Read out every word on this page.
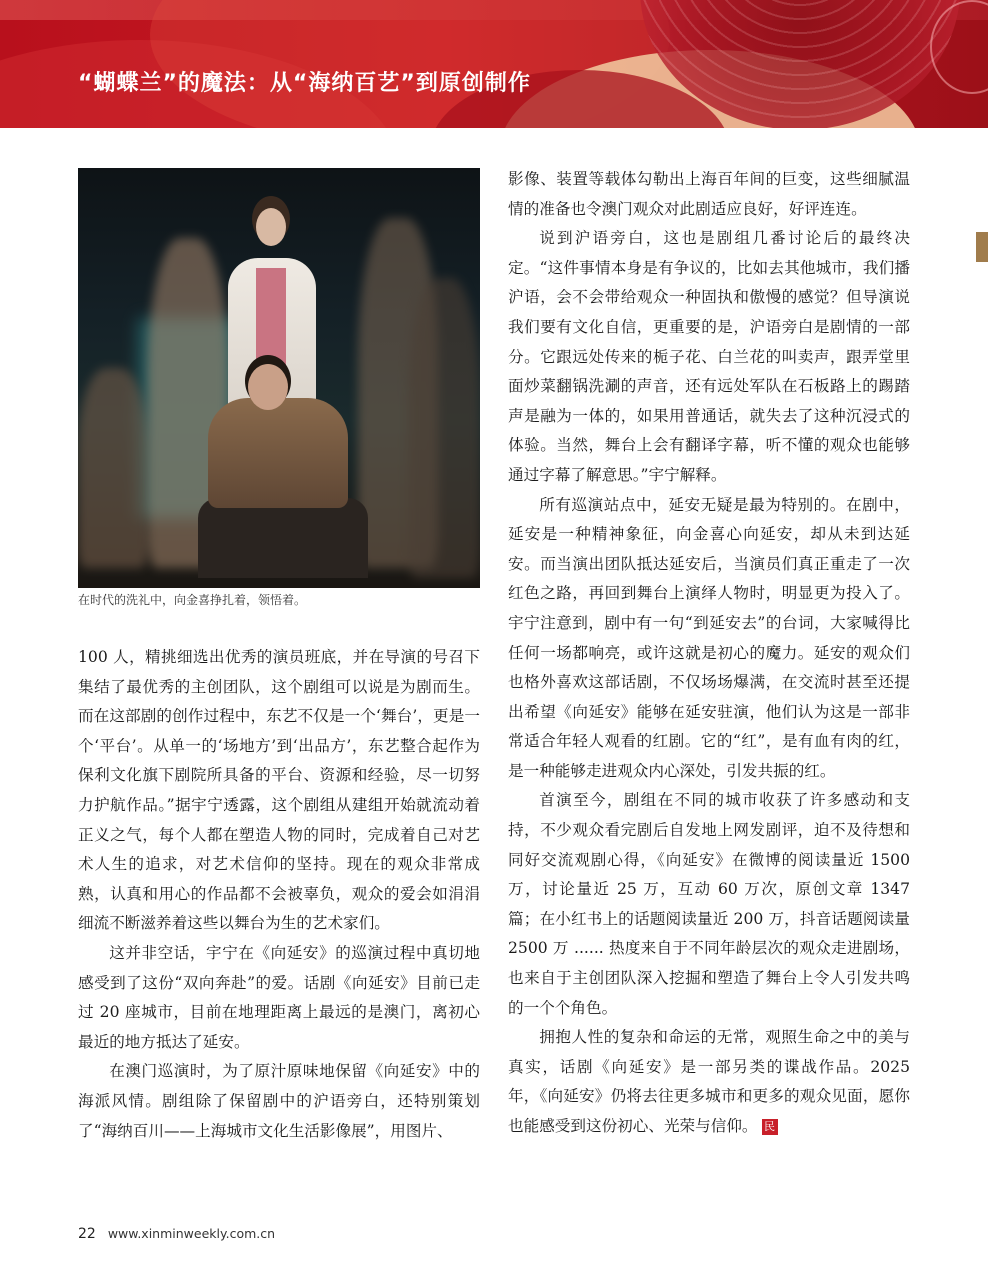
“蝴蝶兰”的魔法：从“海纳百艺”到原创制作
在时代的洗礼中，向金喜挣扎着，领悟着。

100 人，精挑细选出优秀的演员班底，并在导演的号召下集结了最优秀的主创团队，这个剧组可以说是为剧而生。而在这部剧的创作过程中，东艺不仅是一个‘舞台’，更是一个‘平台’。从单一的‘场地方’到‘出品方’，东艺整合起作为保利文化旗下剧院所具备的平台、资源和经验，尽一切努力护航作品。”据宇宁透露，这个剧组从建组开始就流动着正义之气，每个人都在塑造人物的同时，完成着自己对艺术人生的追求，对艺术信仰的坚持。现在的观众非常成熟，认真和用心的作品都不会被辜负，观众的爱会如涓涓细流不断滋养着这些以舞台为生的艺术家们。

这并非空话，宇宁在《向延安》的巡演过程中真切地感受到了这份“双向奔赴”的爱。话剧《向延安》目前已走过 20 座城市，目前在地理距离上最远的是澳门，离初心最近的地方抵达了延安。

在澳门巡演时，为了原汁原味地保留《向延安》中的海派风情。剧组除了保留剧中的沪语旁白，还特别策划了“海纳百川——上海城市文化生活影像展”，用图片、

影像、装置等载体勾勒出上海百年间的巨变，这些细腻温情的准备也令澳门观众对此剧适应良好，好评连连。

说到沪语旁白，这也是剧组几番讨论后的最终决定。“这件事情本身是有争议的，比如去其他城市，我们播沪语，会不会带给观众一种固执和傲慢的感觉？但导演说我们要有文化自信，更重要的是，沪语旁白是剧情的一部分。它跟远处传来的栀子花、白兰花的叫卖声，跟弄堂里面炒菜翻锅洗涮的声音，还有远处军队在石板路上的踢踏声是融为一体的，如果用普通话，就失去了这种沉浸式的体验。当然，舞台上会有翻译字幕，听不懂的观众也能够通过字幕了解意思。”宇宁解释。

所有巡演站点中，延安无疑是最为特别的。在剧中，延安是一种精神象征，向金喜心向延安，却从未到达延安。而当演出团队抵达延安后，当演员们真正重走了一次红色之路，再回到舞台上演绎人物时，明显更为投入了。宇宁注意到，剧中有一句“到延安去”的台词，大家喊得比任何一场都响亮，或许这就是初心的魔力。延安的观众们也格外喜欢这部话剧，不仅场场爆满，在交流时甚至还提出希望《向延安》能够在延安驻演，他们认为这是一部非常适合年轻人观看的红剧。它的“红”，是有血有肉的红，是一种能够走进观众内心深处，引发共振的红。

首演至今，剧组在不同的城市收获了许多感动和支持，不少观众看完剧后自发地上网发剧评，迫不及待想和同好交流观剧心得，《向延安》在微博的阅读量近 1500 万，讨论量近 25 万，互动 60 万次，原创文章 1347 篇；在小红书上的话题阅读量近 200 万，抖音话题阅读量 2500 万 ...... 热度来自于不同年龄层次的观众走进剧场，也来自于主创团队深入挖掘和塑造了舞台上令人引发共鸣的一个个角色。

拥抱人性的复杂和命运的无常，观照生命之中的美与真实，话剧《向延安》是一部另类的谍战作品。2025 年，《向延安》仍将去往更多城市和更多的观众见面，愿你也能感受到这份初心、光荣与信仰。 民

22 www.xinminweekly.com.cn
